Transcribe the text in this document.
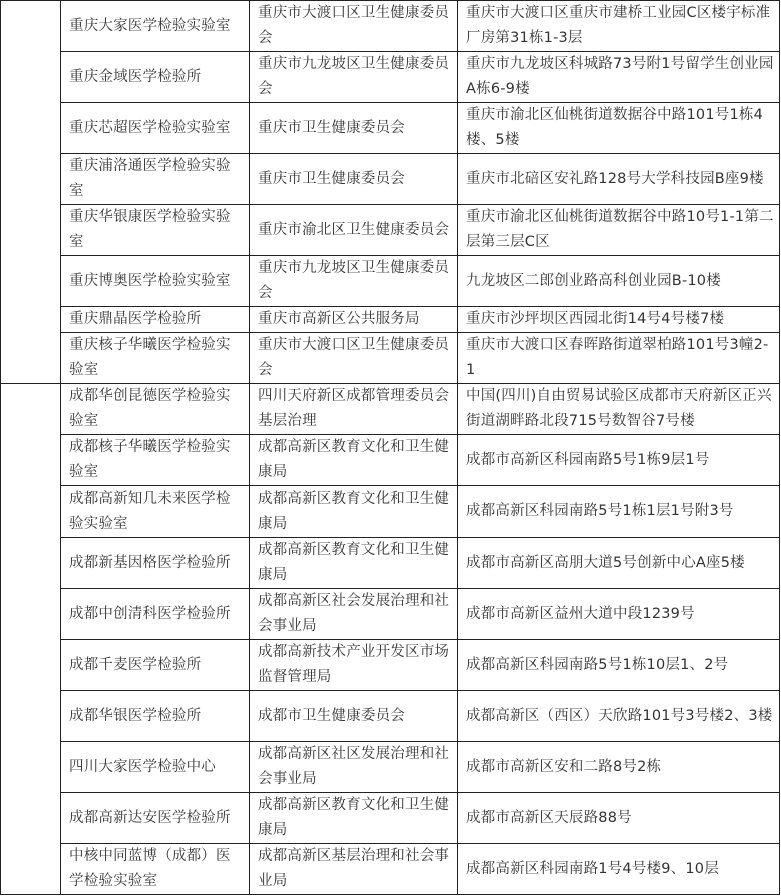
	重庆大家医学检验实验室	重庆市大渡口区卫生健康委员会	重庆市大渡口区重庆市建桥工业园C区楼宇标准厂房第31栋1-3层
	重庆金域医学检验所	重庆市九龙坡区卫生健康委员会	重庆市九龙坡区科城路73号附1号留学生创业园A栋6-9楼
	重庆芯超医学检验实验室	重庆市卫生健康委员会	重庆市渝北区仙桃街道数据谷中路101号1栋4楼、5楼
	重庆浦洛通医学检验实验室	重庆市卫生健康委员会	重庆市北碚区安礼路128号大学科技园B座9楼
	重庆华银康医学检验实验室	重庆市渝北区卫生健康委员会	重庆市渝北区仙桃街道数据谷中路10号1-1第二层第三层C区
	重庆博奥医学检验实验室	重庆市九龙坡区卫生健康委员会	九龙坡区二郎创业路高科创业园B-10楼
	重庆鼎晶医学检验所	重庆市高新区公共服务局	重庆市沙坪坝区西园北街14号4号楼7楼
	重庆核子华曦医学检验实验室	重庆市大渡口区卫生健康委员会	重庆市大渡口区春晖路街道翠柏路101号3幢2-1
	成都华创昆德医学检验实验室	四川天府新区成都管理委员会基层治理	中国(四川)自由贸易试验区成都市天府新区正兴街道湖畔路北段715号数智谷7号楼
	成都核子华曦医学检验实验室	成都高新区教育文化和卫生健康局	成都市高新区科园南路5号1栋9层1号
	成都高新知几未来医学检验实验室	成都高新区教育文化和卫生健康局	成都高新区科园南路5号1栋1层1号附3号
	成都新基因格医学检验所	成都高新区教育文化和卫生健康局	成都市高新区高朋大道5号创新中心A座5楼
	成都中创清科医学检验所	成都高新区社会发展治理和社会事业局	成都市高新区益州大道中段1239号
	成都千麦医学检验所	成都高新技术产业开发区市场监督管理局	成都高新区科园南路5号1栋10层1、2号
	成都华银医学检验所	成都市卫生健康委员会	成都高新区（西区）天欣路101号3号楼2、3楼
	四川大家医学检验中心	成都高新区社区发展治理和社会事业局	成都市高新区安和二路8号2栋
	成都高新达安医学检验所	成都高新区教育文化和卫生健康局	成都市高新区天辰路88号
	中核中同蓝博（成都）医学检验实验室	成都高新区基层治理和社会事业局	成都高新区科园南路1号4号楼9、10层
